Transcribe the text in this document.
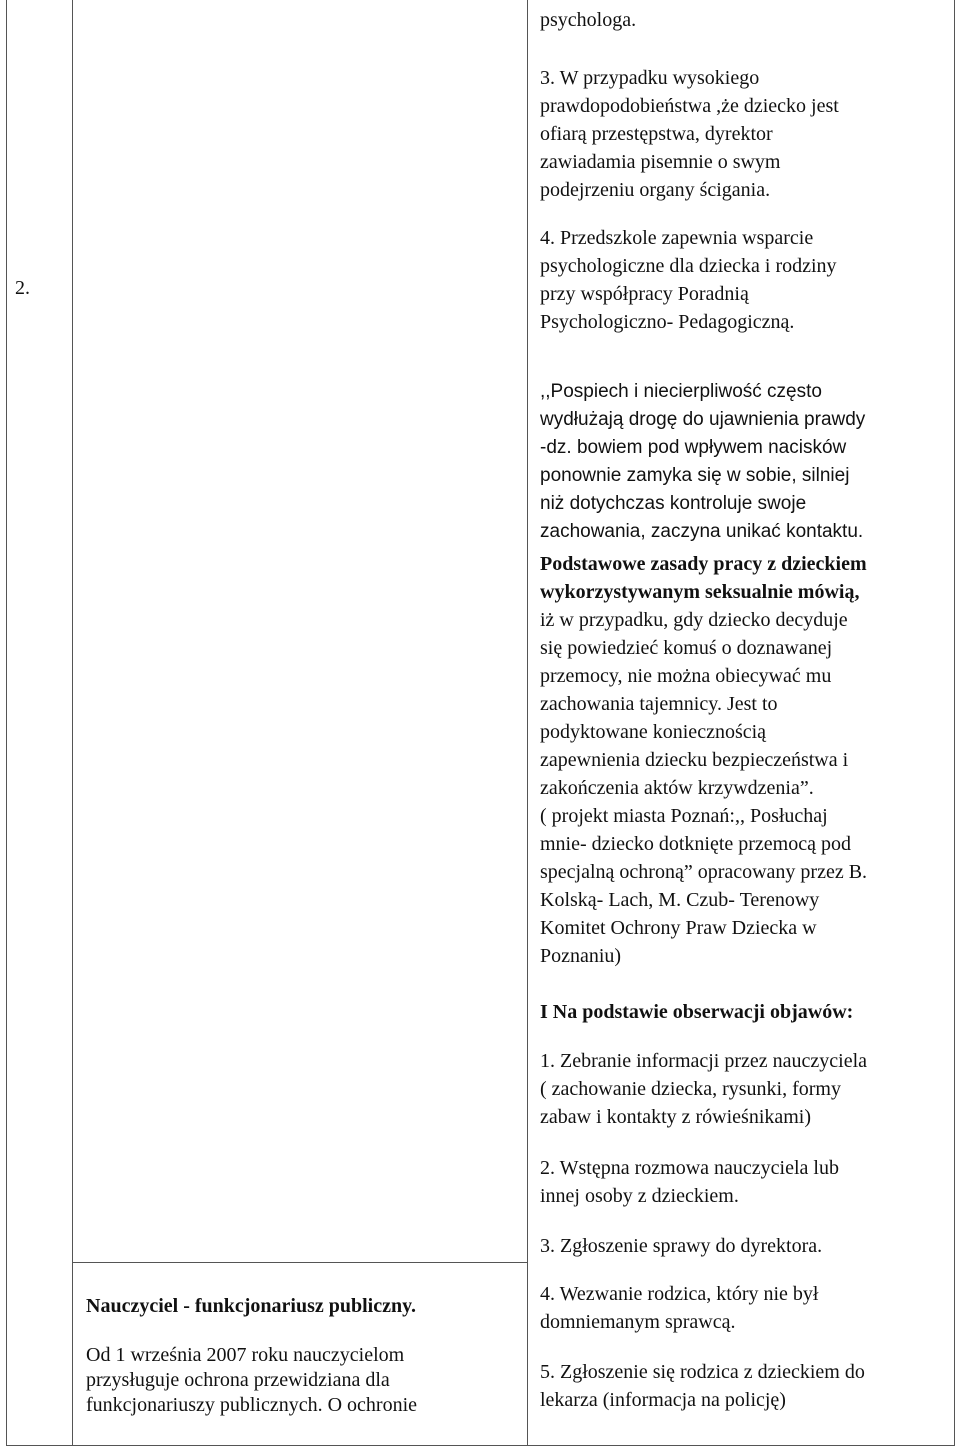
2.
psychologa.
3. W przypadku wysokiego
prawdopodobieństwa ,że dziecko jest
ofiarą przestępstwa, dyrektor
zawiadamia pisemnie o swym
podejrzeniu organy ścigania.
4. Przedszkole zapewnia wsparcie
psychologiczne dla dziecka i rodziny
przy współpracy Poradnią
Psychologiczno- Pedagogiczną.
,,Pospiech i niecierpliwość często
wydłużają drogę do ujawnienia prawdy
-dz. bowiem pod wpływem nacisków
ponownie zamyka się w sobie, silniej
niż dotychczas kontroluje swoje
zachowania, zaczyna unikać kontaktu.
Podstawowe zasady pracy z dzieckiem
wykorzystywanym seksualnie mówią,
iż w przypadku, gdy dziecko decyduje
się powiedzieć komuś o doznawanej
przemocy, nie można obiecywać mu
zachowania tajemnicy. Jest to
podyktowane koniecznością
zapewnienia dziecku bezpieczeństwa i
zakończenia aktów krzywdzenia”.
( projekt miasta Poznań:,, Posłuchaj
mnie- dziecko dotknięte przemocą pod
specjalną ochroną” opracowany przez B.
Kolską- Lach, M. Czub- Terenowy
Komitet Ochrony Praw Dziecka w
Poznaniu)
I Na podstawie obserwacji objawów:
1. Zebranie informacji przez nauczyciela
( zachowanie dziecka, rysunki, formy
zabaw i kontakty z rówieśnikami)
2. Wstępna rozmowa nauczyciela lub
innej osoby z dzieckiem.
3. Zgłoszenie sprawy do dyrektora.
4. Wezwanie rodzica, który nie był
domniemanym sprawcą.
5. Zgłoszenie się rodzica z dzieckiem do
lekarza (informacja na policję)
Nauczyciel - funkcjonariusz publiczny.
Od 1 września 2007 roku nauczycielom
przysługuje ochrona przewidziana dla
funkcjonariuszy publicznych. O ochronie
